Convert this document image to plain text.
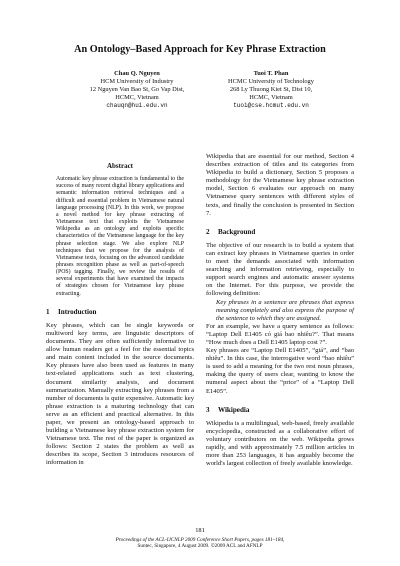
An Ontology–Based Approach for Key Phrase Extraction
Chau Q. Nguyen
HCM University of Industry
12 Nguyen Van Bao St, Go Vap Dist,
HCMC, Vietnam
chauqn@hui.edu.vn
Tuoi T. Phan
HCMC University of Technology
268 Ly Thuong Kiet St, Dist 10,
HCMC, Vietnam
tuoi@cse.hcmut.edu.vn
Abstract

Automatic key phrase extraction is fundamental to the success of many recent digital library applications and semantic information retrieval techniques and a difficult and essential problem in Vietnamese natural language processing (NLP). In this work, we propose a novel method for key phrase extracting of Vietnamese text that exploits the Vietnamese Wikipedia as an ontology and exploits specific characteristics of the Vietnamese language for the key phrase selection stage. We also explore NLP techniques that we propose for the analysis of Vietnamese texts, focusing on the advanced candidate phrases recognition phase as well as part-of-speech (POS) tagging. Finally, we review the results of several experiments that have examined the impacts of strategies chosen for Vietnamese key phrase extracting.

1 Introduction

Key phrases, which can be single keywords or multiword key terms, are linguistic descriptors of documents. They are often sufficiently informative to allow human readers get a feel for the essential topics and main content included in the source documents. Key phrases have also been used as features in many text-related applications such as text clustering, document similarity analysis, and document summarization. Manually extracting key phrases from a number of documents is quite expensive. Automatic key phrase extraction is a maturing technology that can serve as an efficient and practical alternative. In this paper, we present an ontology-based approach to building a Vietnamese key phrase extraction system for Vietnamese text. The rest of the paper is organized as follows: Section 2 states the problem as well as describes its scope, Section 3 introduces resources of information in

Wikipedia that are essential for our method, Section 4 describes extraction of titles and its categories from Wikipedia to build a dictionary, Section 5 proposes a methodology for the Vietnamese key phrase extraction model, Section 6 evaluates our approach on many Vietnamese query sentences with different styles of texts, and finally the conclusion is presented in Section 7.

2 Background

The objective of our research is to build a system that can extract key phrases in Vietnamese queries in order to meet the demands associated with information searching and information retrieving, especially to support search engines and automatic answer systems on the Internet. For this purpose, we provide the following definition:

Key phrases in a sentence are phrases that express meaning completely and also express the purpose of the sentence to which they are assigned.

For an example, we have a query sentence as follows: “Laptop Dell E1405 có giá bao nhiêu?”. That means “How much does a Dell E1405 laptop cost ?”.

Key phrases are “Laptop Dell E1405”, “giá”, and “bao nhiêu”. In this case, the interrogative word “bao nhiêu” is used to add a meaning for the two rest noun phrases, making the query of users clear, wanting to know the numeral aspect about the “price” of a “Laptop Dell E1405”.

3 Wikipedia

Wikipedia is a multilingual, web-based, freely available encyclopedia, constructed as a collaborative effort of voluntary contributors on the web. Wikipedia grows rapidly, and with approximately 7.5 million articles in more than 253 languages, it has arguably become the world's largest collection of freely available knowledge.

181
Proceedings of the ACL-IJCNLP 2009 Conference Short Papers, pages 181–184,
Suntec, Singapore, 4 August 2009. ©2009 ACL and AFNLP
